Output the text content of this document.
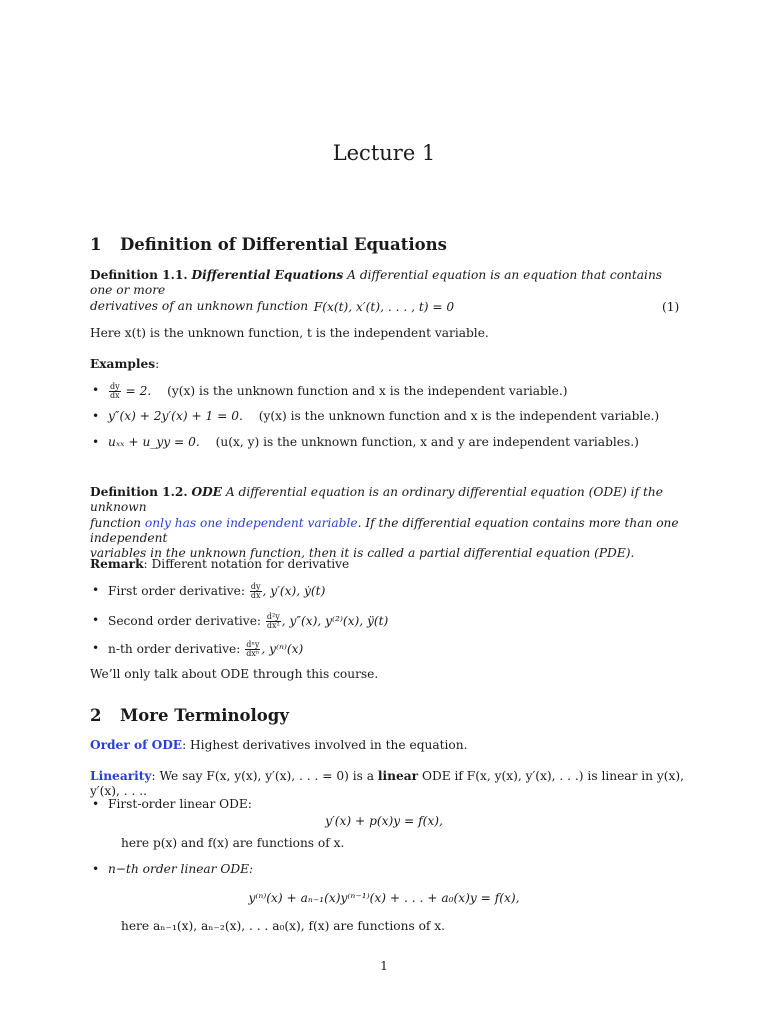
Lecture 1
1 Definition of Differential Equations
Definition 1.1. Differential Equations A differential equation is an equation that contains one or more
derivatives of an unknown function F(x(t), x′(t), . . . , t) = 0	(1)
Here x(t) is the unknown function, t is the independent variable.
Examples:
• $\frac{dy}{dx} = 2$. (y(x) is the unknown function and x is the independent variable.)
• y″(x) + 2y′(x) + 1 = 0. (y(x) is the unknown function and x is the independent variable.)
• uₓₓ + u_yy = 0. (u(x, y) is the unknown function, x and y are independent variables.)
Definition 1.2. ODE A differential equation is an ordinary differential equation (ODE) if the unknown
function only has one independent variable. If the differential equation contains more than one independent
variables in the unknown function, then it is called a partial differential equation (PDE).
Remark: Different notation for derivative
• First order derivative: $\frac{dy}{dx}$ , y′(x), ẏ(t)
• Second order derivative: $\frac{\text{d²y}}{\text{dx²}}$ , y″(x), y⁽²⁾(x), ÿ(t)
• n-th order derivative: $\frac{\text{dⁿy}}{\text{dxⁿ}}$ , y⁽ⁿ⁾(x)
We’ll only talk about ODE through this course.
2 More Terminology
Order of ODE: Highest derivatives involved in the equation.
Linearity: We say F(x, y(x), y′(x), . . . = 0) is a linear ODE if F(x, y(x), y′(x), . . .) is linear in y(x), y′(x), . . ..
• First-order linear ODE:
y′(x) + p(x)y = f(x),
here p(x) and f(x) are functions of x.
• n−th order linear ODE:
y⁽ⁿ⁾(x) + aₙ₋₁(x)y⁽ⁿ⁻¹⁾(x) + . . . + a₀(x)y = f(x),
here aₙ₋₁(x), aₙ₋₂(x), . . . a₀(x), f(x) are functions of x.
1
